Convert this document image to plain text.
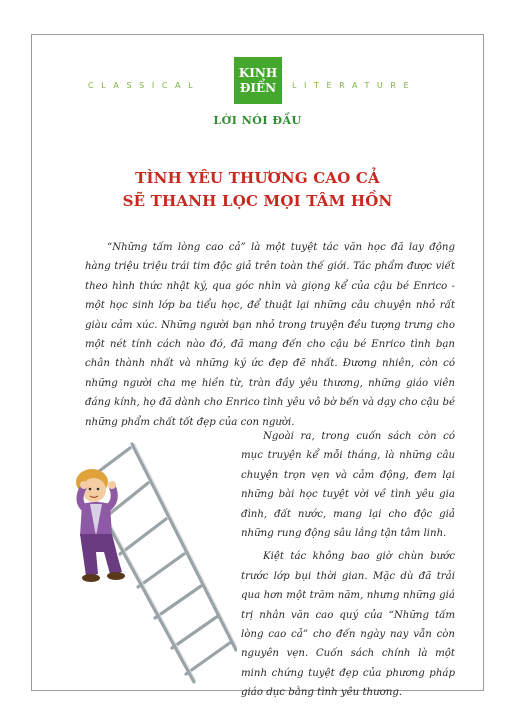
CLASSICAL
KINH
ĐIỂN LITERATURE
LỜI NÓI ĐẦU
TÌNH YÊU THƯƠNG CAO CẢ
SẼ THANH LỌC MỌI TÂM HỒN

“Những tấm lòng cao cả” là một tuyệt tác văn học đã lay động hàng triệu triệu trái tim độc giả trên toàn thế giới. Tác phẩm được viết theo hình thức nhật ký, qua góc nhìn và giọng kể của cậu bé Enrico - một học sinh lớp ba tiểu học, để thuật lại những câu chuyện nhỏ rất giàu cảm xúc. Những người bạn nhỏ trong truyện đều tượng trưng cho một nét tính cách nào đó, đã mang đến cho cậu bé Enrico tình bạn chân thành nhất và những ký ức đẹp đẽ nhất. Đương nhiên, còn có những người cha mẹ hiền từ, tràn đầy yêu thương, những giáo viên đáng kính, họ đã dành cho Enrico tình yêu vô bờ bến và dạy cho cậu bé những phẩm chất tốt đẹp của con người.

Ngoài ra, trong cuốn sách còn có mục truyện kể mỗi tháng, là những câu chuyện trọn vẹn và cảm động, đem lại những bài học tuyệt vời về tình yêu gia đình, đất nước, mang lại cho độc giả những rung động sâu lắng tận tâm linh.

Kiệt tác không bao giờ chùn bước trước lớp bụi thời gian. Mặc dù đã trải qua hơn một trăm năm, nhưng những giá trị nhân văn cao quý của “Những tấm lòng cao cả” cho đến ngày nay vẫn còn nguyên vẹn. Cuốn sách chính là một minh chứng tuyệt đẹp của phương pháp giáo dục bằng tình yêu thương.
